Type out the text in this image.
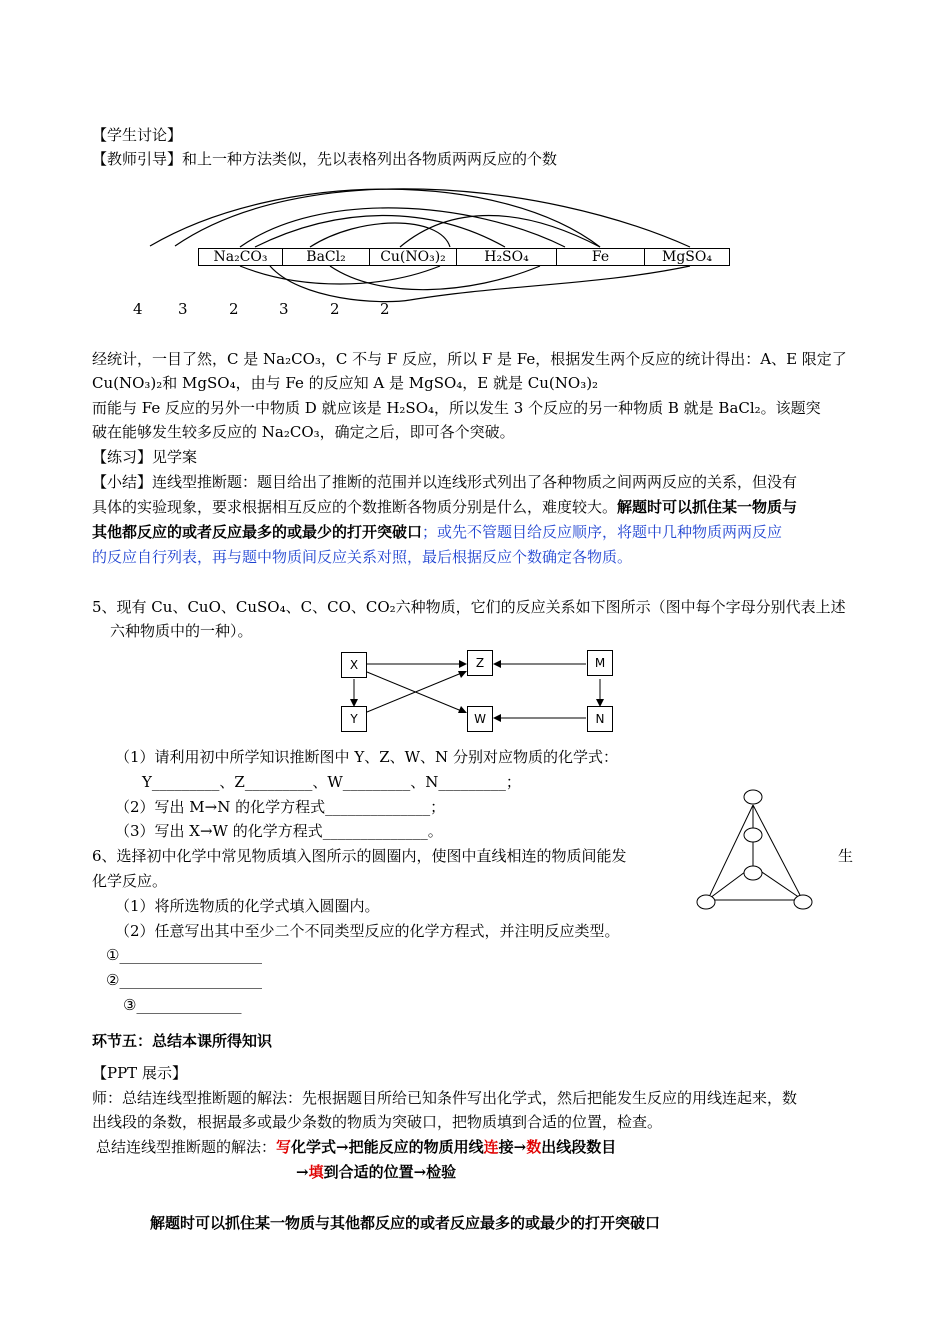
【学生讨论】
【教师引导】和上一种方法类似，先以表格列出各物质两两反应的个数
Na₂CO₃	BaCl₂	Cu(NO₃)₂	H₂SO₄	Fe	MgSO₄
4 3	2	3	2	2
经统计，一目了然，C 是 Na₂CO₃，C 不与 F 反应，所以 F 是 Fe，根据发生两个反应的统计得出：A、E 限定了
Cu(NO₃)₂和 MgSO₄，由与 Fe 的反应知 A 是 MgSO₄，E 就是 Cu(NO₃)₂
而能与 Fe 反应的另外一中物质 D 就应该是 H₂SO₄，所以发生 3 个反应的另一种物质 B 就是 BaCl₂。该题突
破在能够发生较多反应的 Na₂CO₃，确定之后，即可各个突破。
【练习】见学案
【小结】连线型推断题：题目给出了推断的范围并以连线形式列出了各种物质之间两两反应的关系，但没有
具体的实验现象，要求根据相互反应的个数推断各物质分别是什么，难度较大。解题时可以抓住某一物质与
其他都反应的或者反应最多的或最少的打开突破口；或先不管题目给反应顺序，将题中几种物质两两反应
的反应自行列表，再与题中物质间反应关系对照，最后根据反应个数确定各物质。
5、现有 Cu、CuO、CuSO₄、C、CO、CO₂六种物质，它们的反应关系如下图所示（图中每个字母分别代表上述
六种物质中的一种）。
X	Z	M
Y	W	N
（1）请利用初中所学知识推断图中 Y、Z、W、N 分别对应物质的化学式：
Y_________、Z_________、W_________、N_________；
（2）写出 M→N 的化学方程式______________；
（3）写出 X→W 的化学方程式______________。
6、选择初中化学中常见物质填入图所示的圆圈内，使图中直线相连的物质间能发	生
化学反应。
（1）将所选物质的化学式填入圆圈内。
（2）任意写出其中至少二个不同类型反应的化学方程式，并注明反应类型。
①___________________
②___________________
③______________
环节五：总结本课所得知识
【PPT 展示】
师：总结连线型推断题的解法：先根据题目所给已知条件写出化学式，然后把能发生反应的用线连起来，数
出线段的条数，根据最多或最少条数的物质为突破口，把物质填到合适的位置，检查。
总结连线型推断题的解法：写化学式→把能反应的物质用线连接→数出线段数目
→填到合适的位置→检验
解题时可以抓住某一物质与其他都反应的或者反应最多的或最少的打开突破口
